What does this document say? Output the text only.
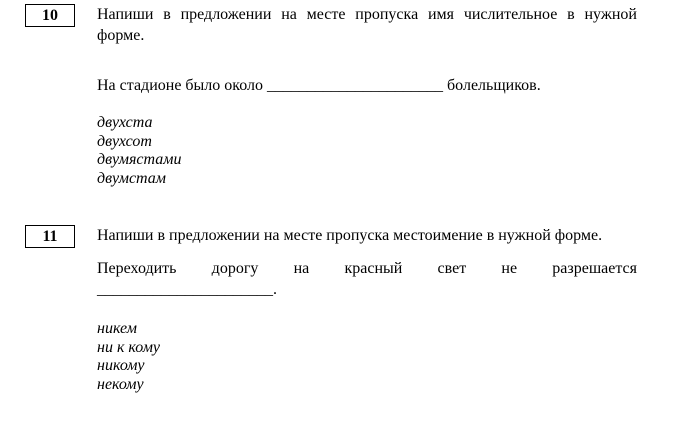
10 Напиши в предложении на месте пропуска имя числительное в нужной
форме.
На стадионе было около ______________________ болельщиков.
двухста
двухсот
двумястами
двумстам
11 Напиши в предложении на месте пропуска местоимение в нужной форме.
Переходить дорогу на красный свет не разрешается
______________________.
никем
ни к кому
никому
некому
